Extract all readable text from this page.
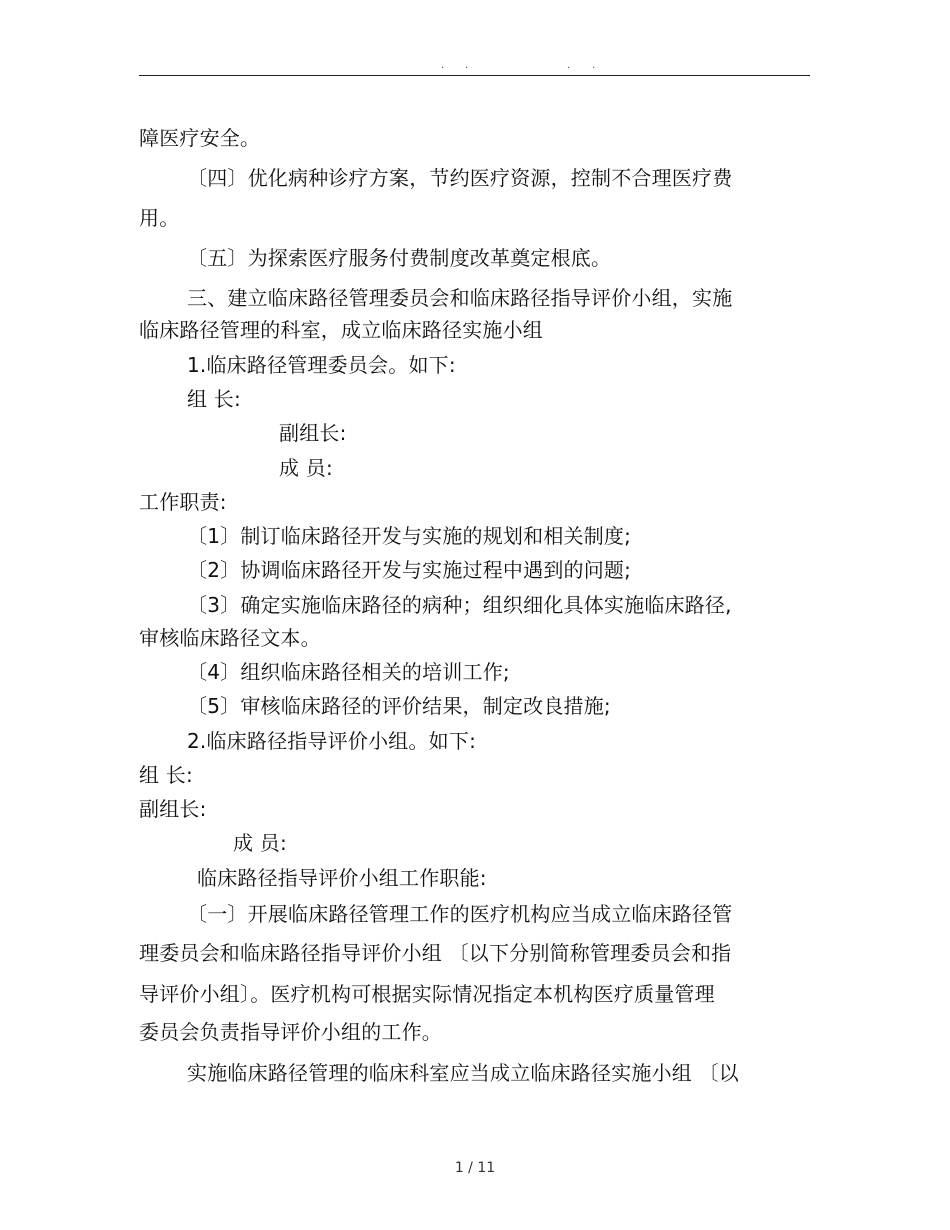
. .	. .
障医疗安全。
〔四〕优化病种诊疗方案，节约医疗资源，控制不合理医疗费
用。
〔五〕为探索医疗服务付费制度改革奠定根底。
三、建立临床路径管理委员会和临床路径指导评价小组，实施
临床路径管理的科室，成立临床路径实施小组
1.临床路径管理委员会。如下:
组 长:
副组长:
成 员:
工作职责:
〔1〕制订临床路径开发与实施的规划和相关制度;
〔2〕协调临床路径开发与实施过程中遇到的问题;
〔3〕确定实施临床路径的病种；组织细化具体实施临床路径,
审核临床路径文本。
〔4〕组织临床路径相关的培训工作;
〔5〕审核临床路径的评价结果，制定改良措施;
2.临床路径指导评价小组。如下:
组 长:
副组长:
成 员:
临床路径指导评价小组工作职能:
〔一〕开展临床路径管理工作的医疗机构应当成立临床路径管
理委员会和临床路径指导评价小组 〔以下分别简称管理委员会和指
导评价小组〕。医疗机构可根据实际情况指定本机构医疗质量管理
委员会负责指导评价小组的工作。
实施临床路径管理的临床科室应当成立临床路径实施小组 〔以
1 / 11
